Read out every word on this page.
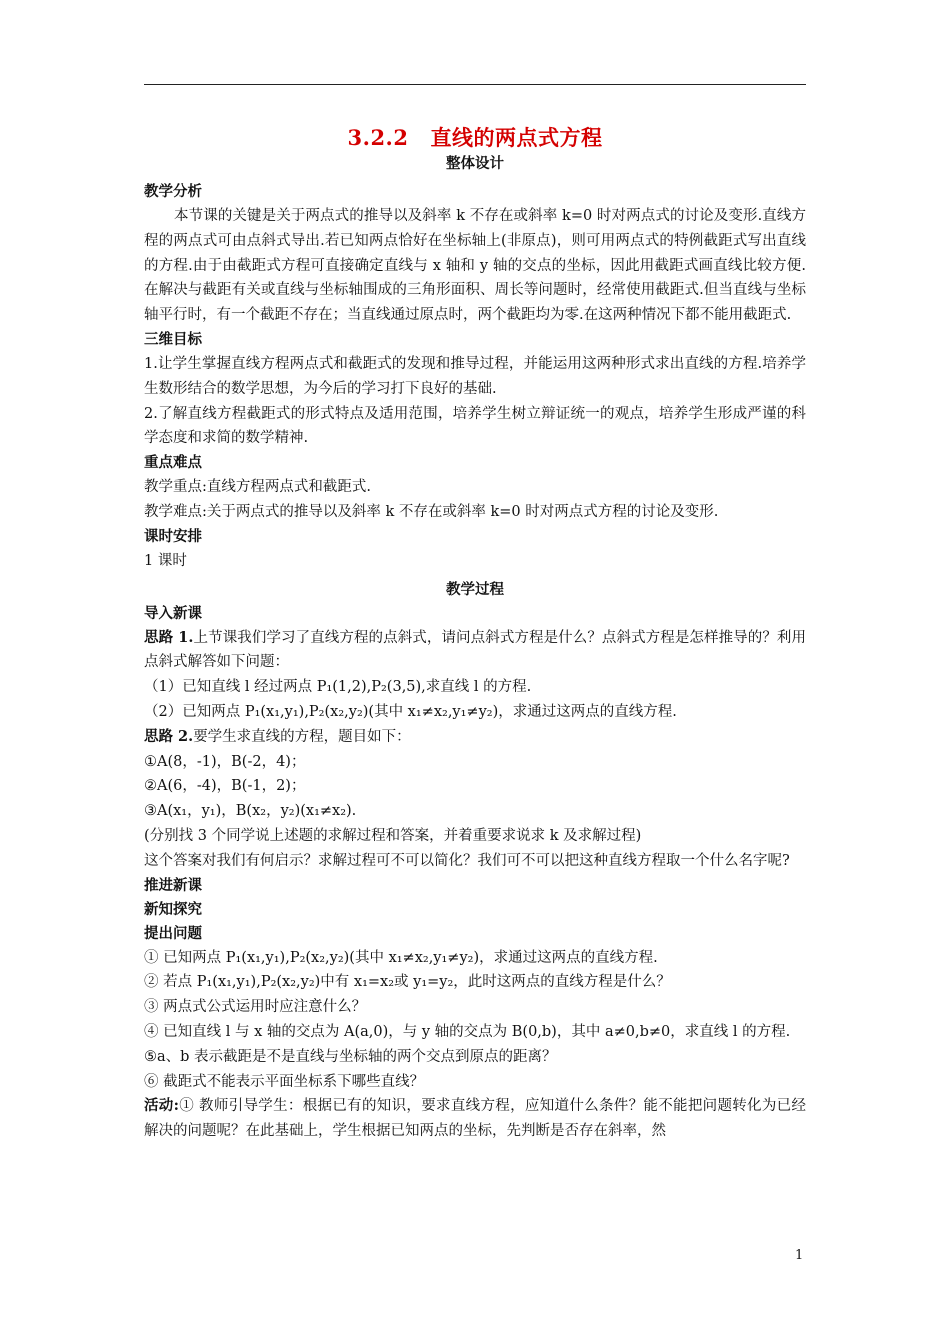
3.2.2 直线的两点式方程

整体设计

教学分析

本节课的关键是关于两点式的推导以及斜率 k 不存在或斜率 k=0 时对两点式的讨论及变形.直线方程的两点式可由点斜式导出.若已知两点恰好在坐标轴上(非原点)，则可用两点式的特例截距式写出直线的方程.由于由截距式方程可直接确定直线与 x 轴和 y 轴的交点的坐标，因此用截距式画直线比较方便.在解决与截距有关或直线与坐标轴围成的三角形面积、周长等问题时，经常使用截距式.但当直线与坐标轴平行时，有一个截距不存在；当直线通过原点时，两个截距均为零.在这两种情况下都不能用截距式.

三维目标

1.让学生掌握直线方程两点式和截距式的发现和推导过程，并能运用这两种形式求出直线的方程.培养学生数形结合的数学思想，为今后的学习打下良好的基础.

2.了解直线方程截距式的形式特点及适用范围，培养学生树立辩证统一的观点，培养学生形成严谨的科学态度和求简的数学精神.

重点难点

教学重点:直线方程两点式和截距式.

教学难点:关于两点式的推导以及斜率 k 不存在或斜率 k=0 时对两点式方程的讨论及变形.

课时安排

1 课时

教学过程

导入新课

思路 1.上节课我们学习了直线方程的点斜式，请问点斜式方程是什么？点斜式方程是怎样推导的？利用点斜式解答如下问题：

（1）已知直线 l 经过两点 P₁(1,2),P₂(3,5),求直线 l 的方程.

（2）已知两点 P₁(x₁,y₁),P₂(x₂,y₂)(其中 x₁≠x₂,y₁≠y₂)，求通过这两点的直线方程.

思路 2.要学生求直线的方程，题目如下：

①A(8，-1)，B(-2，4)；

②A(6，-4)，B(-1，2)；

③A(x₁，y₁)，B(x₂，y₂)(x₁≠x₂).

(分别找 3 个同学说上述题的求解过程和答案，并着重要求说求 k 及求解过程)

这个答案对我们有何启示？求解过程可不可以简化？我们可不可以把这种直线方程取一个什么名字呢?

推进新课

新知探究

提出问题

① 已知两点 P₁(x₁,y₁),P₂(x₂,y₂)(其中 x₁≠x₂,y₁≠y₂)，求通过这两点的直线方程.

② 若点 P₁(x₁,y₁),P₂(x₂,y₂)中有 x₁=x₂或 y₁=y₂，此时这两点的直线方程是什么？

③ 两点式公式运用时应注意什么？

④ 已知直线 l 与 x 轴的交点为 A(a,0)，与 y 轴的交点为 B(0,b)，其中 a≠0,b≠0，求直线 l 的方程.

⑤a、b 表示截距是不是直线与坐标轴的两个交点到原点的距离？

⑥ 截距式不能表示平面坐标系下哪些直线？

活动:① 教师引导学生：根据已有的知识，要求直线方程，应知道什么条件？能不能把问题转化为已经解决的问题呢？在此基础上，学生根据已知两点的坐标，先判断是否存在斜率，然

1
